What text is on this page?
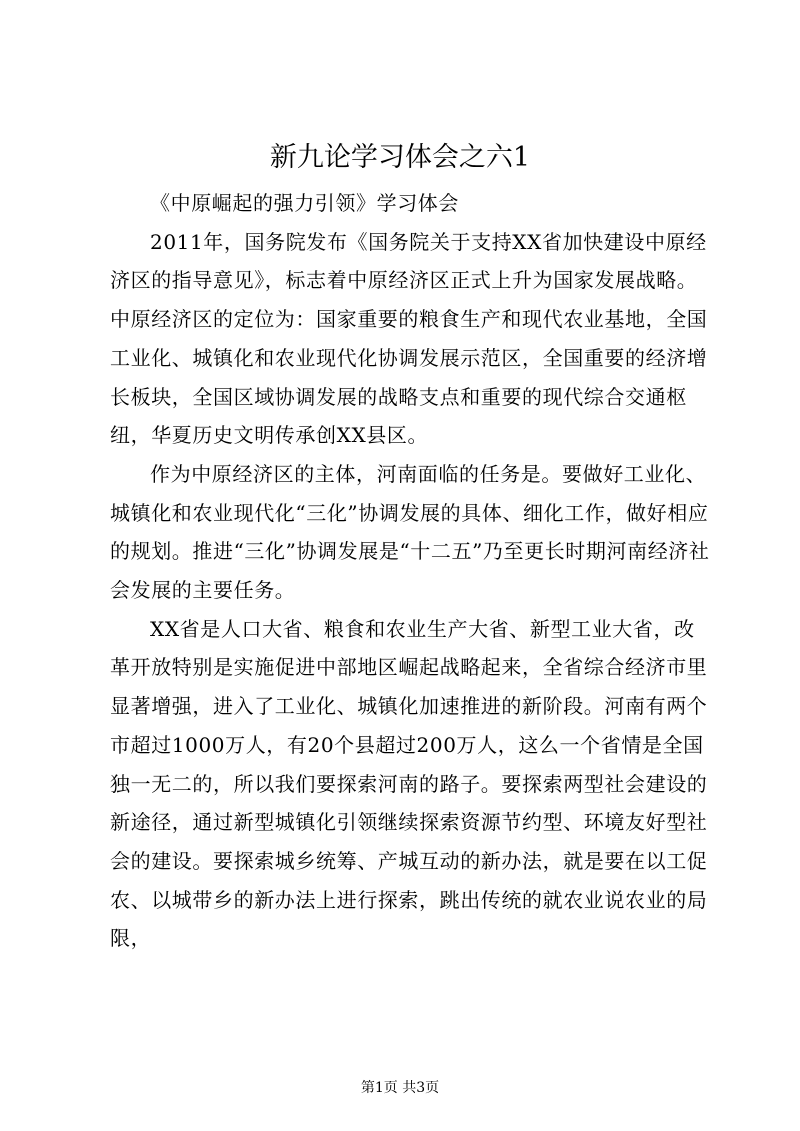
新九论学习体会之六1

《中原崛起的强力引领》学习体会

2011年，国务院发布《国务院关于支持XX省加快建设中原经济区的指导意见》，标志着中原经济区正式上升为国家发展战略。中原经济区的定位为：国家重要的粮食生产和现代农业基地，全国工业化、城镇化和农业现代化协调发展示范区，全国重要的经济增长板块，全国区域协调发展的战略支点和重要的现代综合交通枢纽，华夏历史文明传承创XX县区。

作为中原经济区的主体，河南面临的任务是。要做好工业化、城镇化和农业现代化“三化”协调发展的具体、细化工作，做好相应的规划。推进“三化”协调发展是“十二五”乃至更长时期河南经济社会发展的主要任务。

XX省是人口大省、粮食和农业生产大省、新型工业大省，改革开放特别是实施促进中部地区崛起战略起来，全省综合经济市里显著增强，进入了工业化、城镇化加速推进的新阶段。河南有两个市超过1000万人，有20个县超过200万人，这么一个省情是全国独一无二的，所以我们要探索河南的路子。要探索两型社会建设的新途径，通过新型城镇化引领继续探索资源节约型、环境友好型社会的建设。要探索城乡统筹、产城互动的新办法，就是要在以工促农、以城带乡的新办法上进行探索，跳出传统的就农业说农业的局限，

第1页 共3页
